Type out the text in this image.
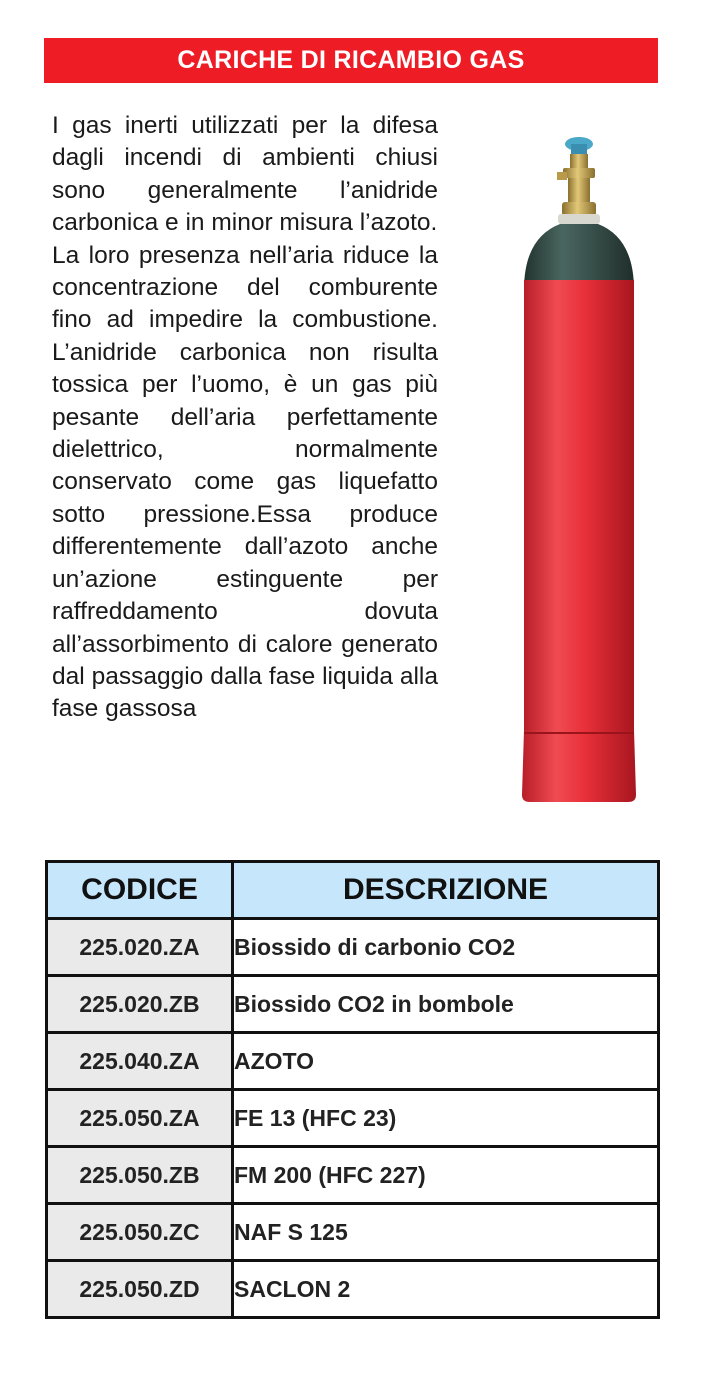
CARICHE DI RICAMBIO GAS

I gas inerti utilizzati per la difesa dagli incendi di ambienti chiusi sono generalmente l’anidride carbonica e in minor misura l’azoto.

La loro presenza nell’aria riduce la concentrazione del comburente fino ad impedire la combustione. L’anidride carbonica non risulta tossica per l’uomo, è un gas più pesante dell’aria perfettamente dielettrico, normalmente conservato come gas liquefatto sotto pressione.Essa produce differentemente dall’azoto anche un’azione estinguente per raffreddamento dovuta all’assorbimento di calore generato dal passaggio dalla fase liquida alla fase gassosa

CODICE	DESCRIZIONE
225.020.ZA	Biossido di carbonio CO2
225.020.ZB	Biossido CO2 in bombole
225.040.ZA	AZOTO
225.050.ZA	FE 13 (HFC 23)
225.050.ZB	FM 200 (HFC 227)
225.050.ZC	NAF S 125
225.050.ZD	SACLON 2
